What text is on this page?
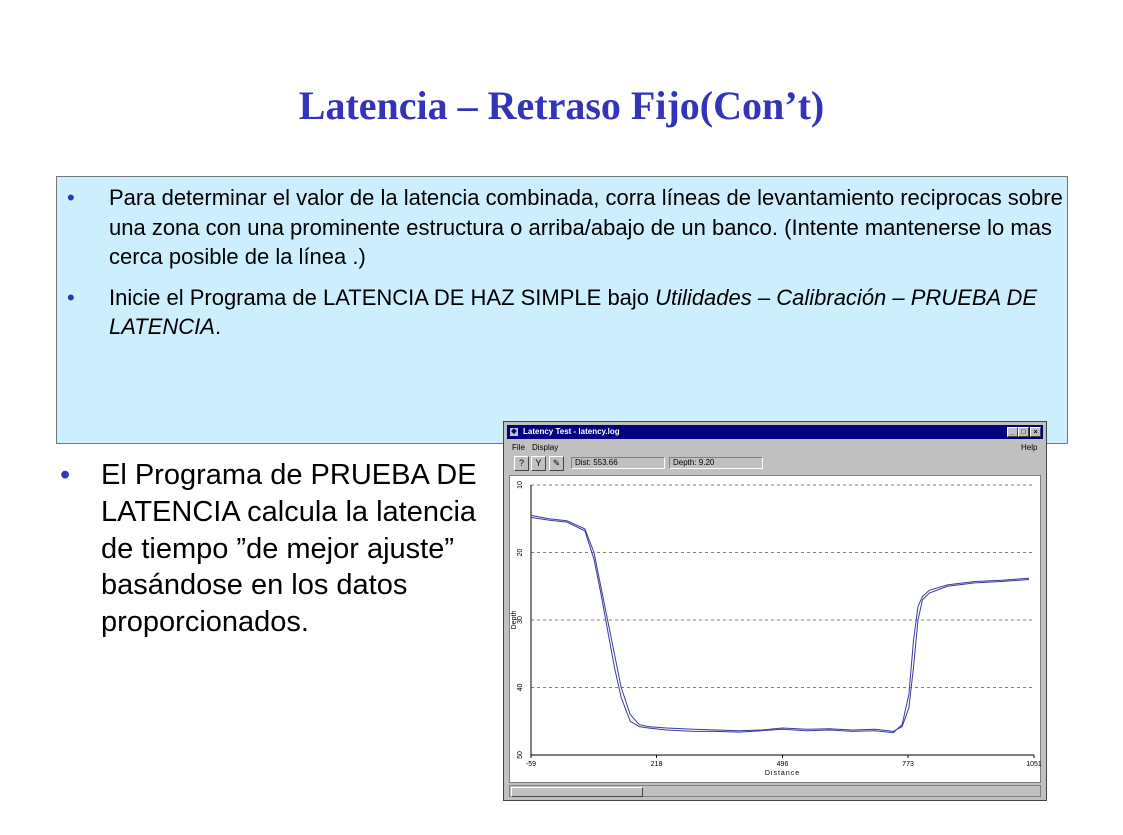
Latencia – Retraso Fijo(Con’t)
• Para determinar el valor de la latencia combinada, corra líneas de levantamiento reciprocas sobre una zona con una prominente estructura o arriba/abajo de un banco. (Intente mantenerse lo mas cerca posible de la línea .)
• Inicie el Programa de LATENCIA DE HAZ SIMPLE bajo Utilidades – Calibración – PRUEBA DE LATENCIA.
• El Programa de PRUEBA DE LATENCIA calcula la latencia de tiempo ”de mejor ajuste” basándose en los datos proporcionados.
◆ Latency Test - latency.log	_ □	×
File Display	Help
?	Y	✎	Dist: 553.66	Depth: 9.20
10
20
30
40
50
-59	218	496	773	1051
Distance
Depth
